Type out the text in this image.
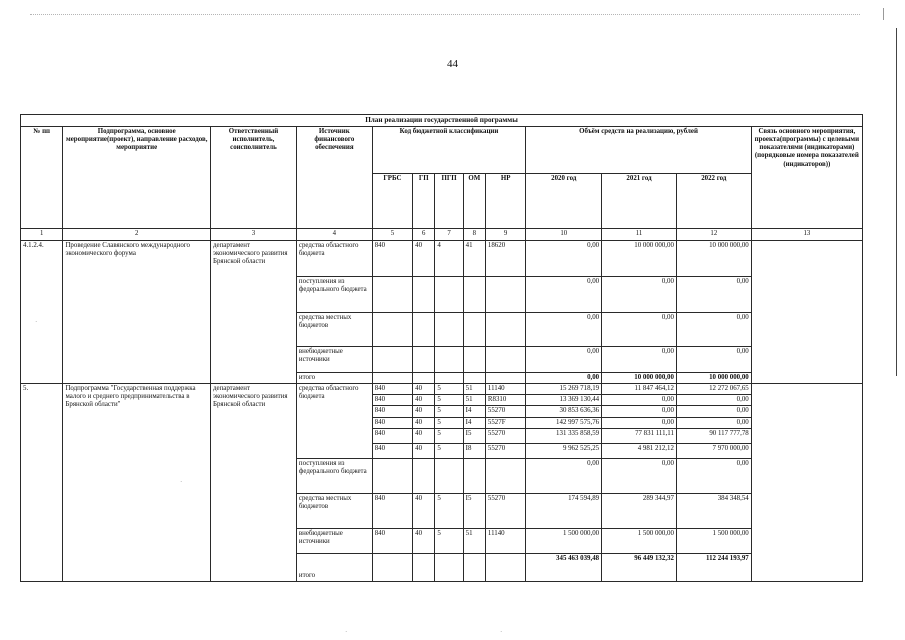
·
·
·	·
44
План реализации государственной программы												
№ пп	Подпрограмма, основное мероприятие(проект), направление расходов, мероприятие	Ответственный исполнитель, соисполнитель	Источник финансового обеспечения	Код бюджетной классификации					Объём средств на реализацию, рублей			Связь основного мероприятия, проекта(программы) с целевыми показателями (индикаторами) (порядковые номера показателей (индикаторов))
				ГРБС	ГП	ПГП	ОМ	НР	2020 год	2021 год	2022 год	
1	2	3	4	5	6	7	8	9	10	11	12	13
4.1.2.4.	Проведение Славянского международного экономического форума	департамент экономического развития Брянской области	средства областного бюджета	840	40	4	41	18620	0,00	10 000 000,00	10 000 000,00	
			поступления из федерального бюджета						0,00	0,00	0,00	
			средства местных бюджетов						0,00	0,00	0,00	
			внебюджетные источники						0,00	0,00	0,00	
			итого						0,00	10 000 000,00	10 000 000,00	
5.	Подпрограмма "Государственная поддержка малого и среднего предпринимательства в Брянской области"	департамент экономического развития Брянской области	средства областного бюджета	840	40	5	51	11140	15 269 718,19	11 847 464,12	12 272 067,65	
				840	40	5	51	R8310	13 369 130,44	0,00	0,00	
				840	40	5	I4	55270	30 853 636,36	0,00	0,00	
				840	40	5	I4	5527F	142 997 575,76	0,00	0,00	
				840	40	5	I5	55270	131 335 858,59	77 831 111,11	90 117 777,78	
				840	40	5	I8	55270	9 962 525,25	4 981 212,12	7 970 000,00	
			поступления из федерального бюджета						0,00	0,00	0,00	
			средства местных бюджетов	840	40	5	I5	55270	174 594,89	289 344,97	384 348,54	
			внебюджетные источники	840	40	5	51	11140	1 500 000,00	1 500 000,00	1 500 000,00	
			итого						345 463 039,48	96 449 132,32	112 244 193,97	
